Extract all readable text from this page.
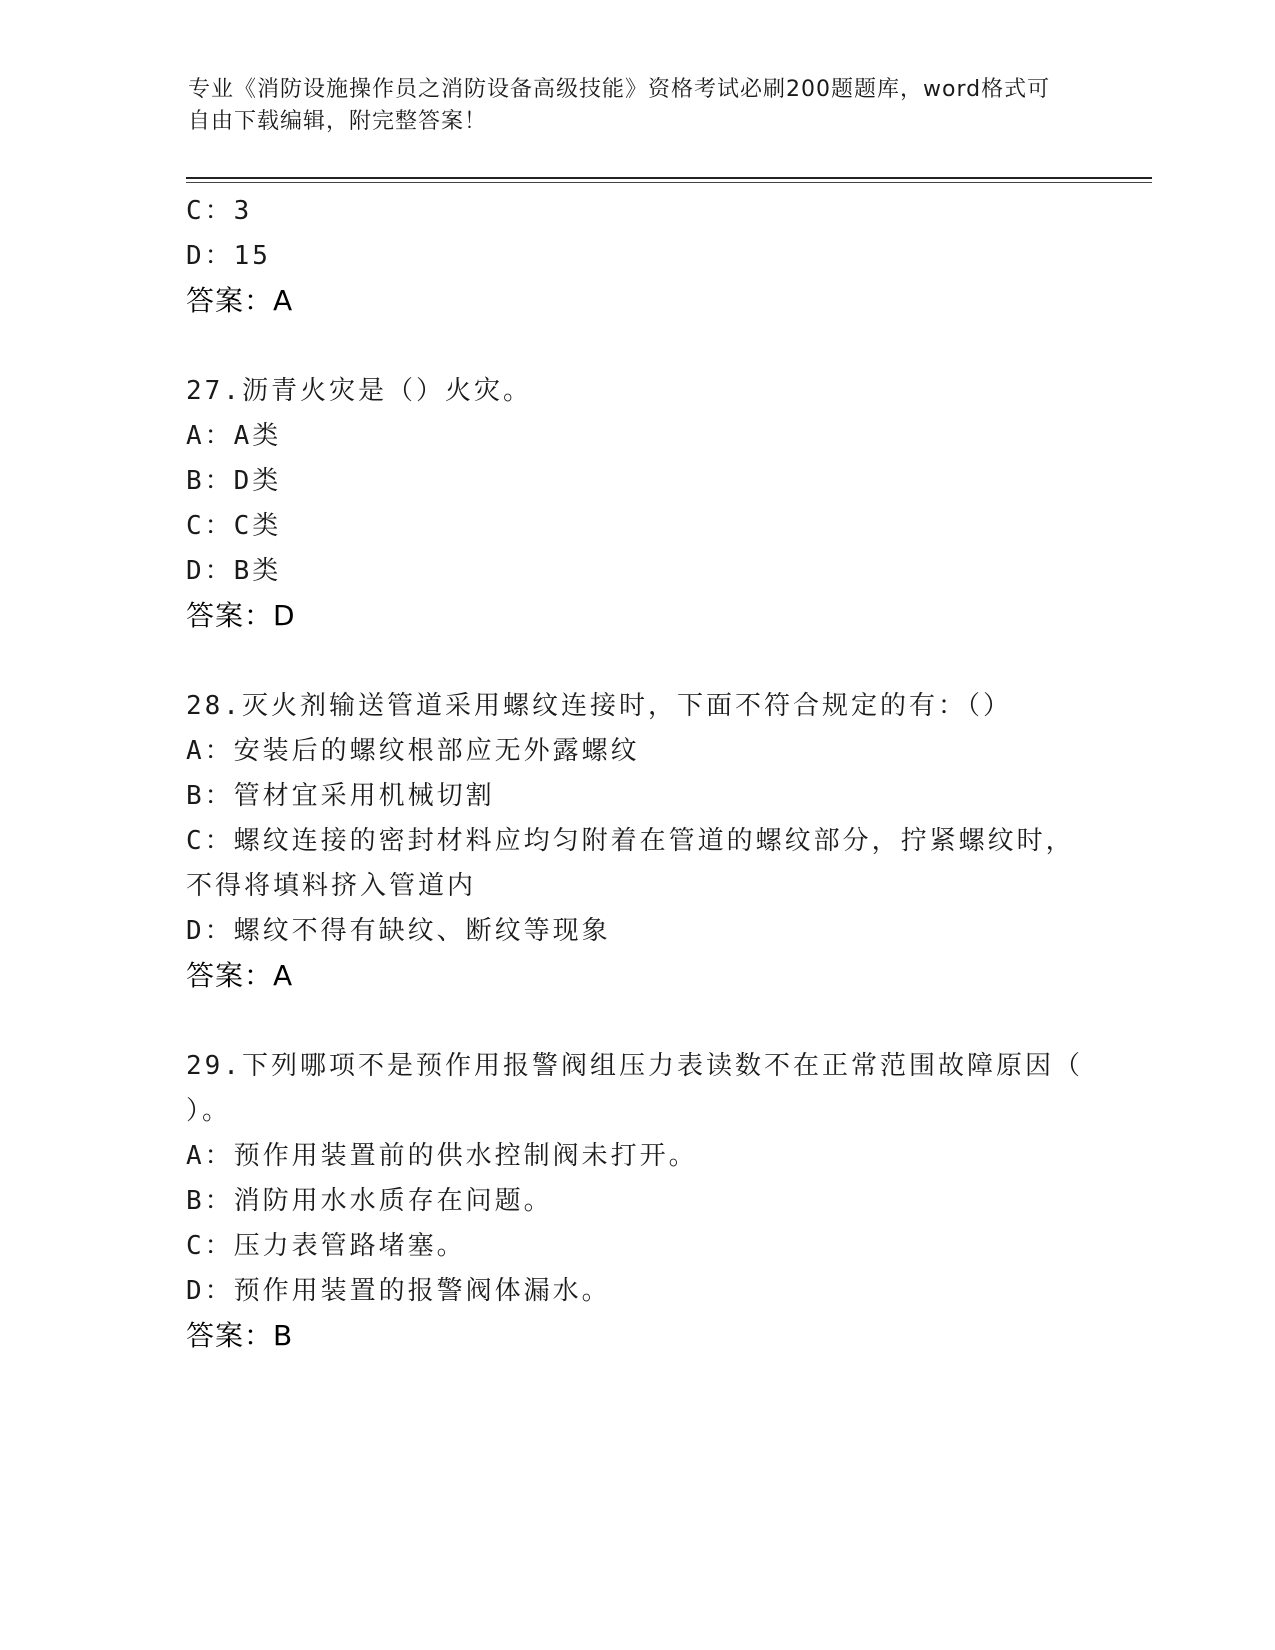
专业《消防设施操作员之消防设备高级技能》资格考试必刷200题题库，word格式可自由下载编辑，附完整答案！
C：3
D：15
答案：A
27.沥青火灾是（）火灾。
A：A类
B：D类
C：C类
D：B类
答案：D
28.灭火剂输送管道采用螺纹连接时，下面不符合规定的有：（）
A：安装后的螺纹根部应无外露螺纹
B：管材宜采用机械切割
C：螺纹连接的密封材料应均匀附着在管道的螺纹部分，拧紧螺纹时，
不得将填料挤入管道内
D：螺纹不得有缺纹、断纹等现象
答案：A
29.下列哪项不是预作用报警阀组压力表读数不在正常范围故障原因（
）。
A：预作用装置前的供水控制阀未打开。
B：消防用水水质存在问题。
C：压力表管路堵塞。
D：预作用装置的报警阀体漏水。
答案：B
